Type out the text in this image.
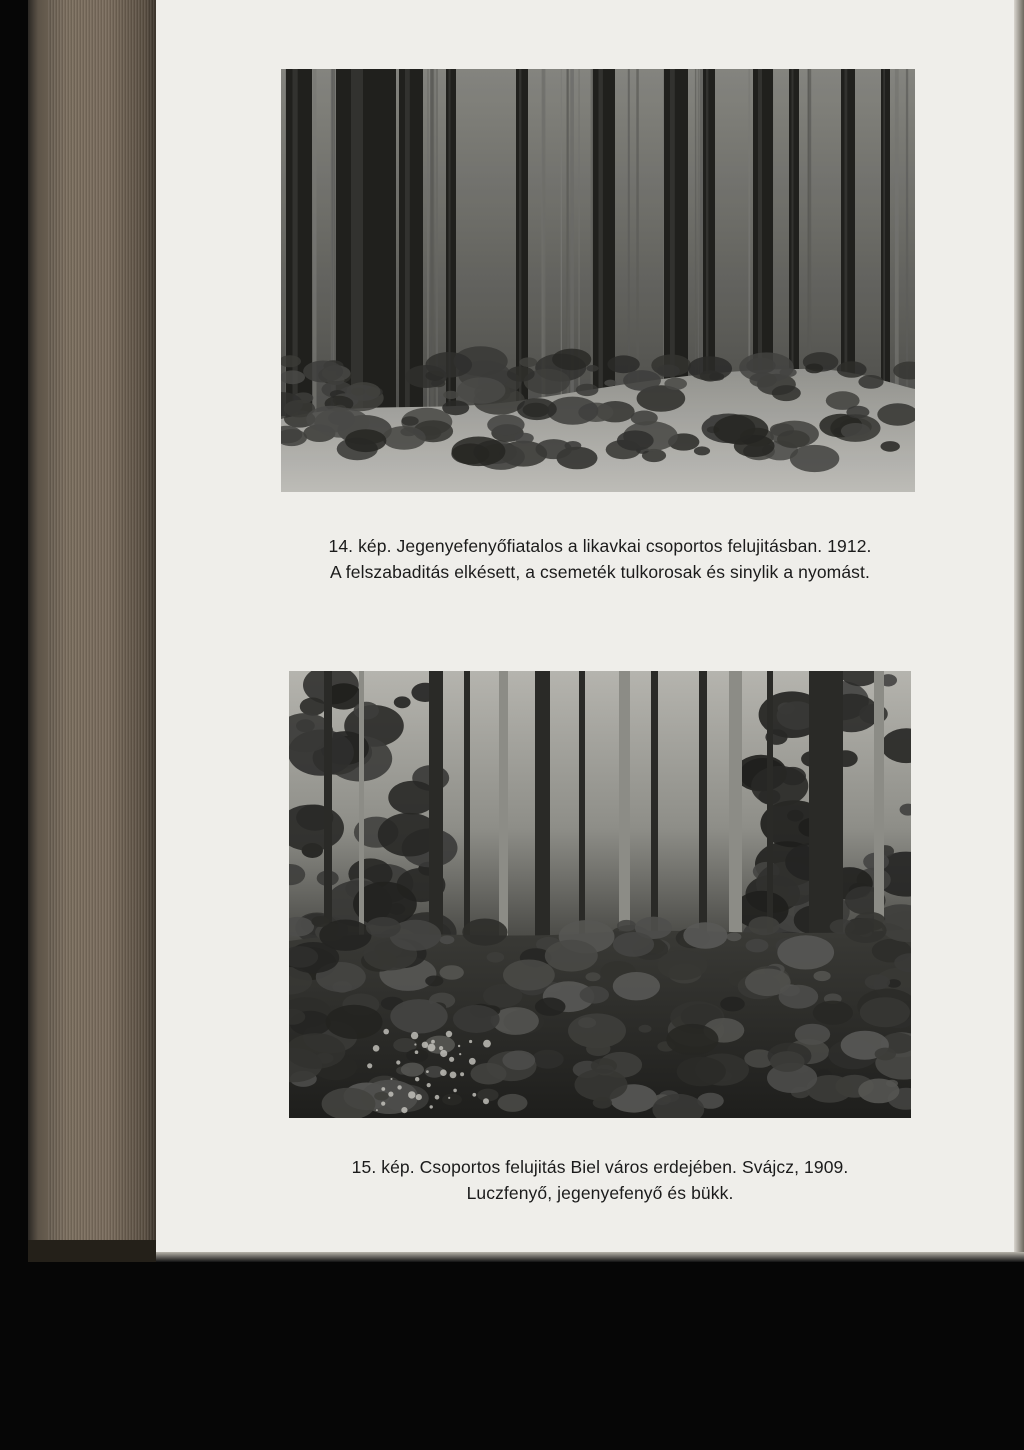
14. kép. Jegenyefenyőfiatalos a likavkai csoportos felujitásban. 1912.
A felszabaditás elkésett, a csemeték tulkorosak és sinylik a nyomást.
15. kép. Csoportos felujitás Biel város erdejében. Svájcz, 1909.
Luczfenyő, jegenyefenyő és bükk.
